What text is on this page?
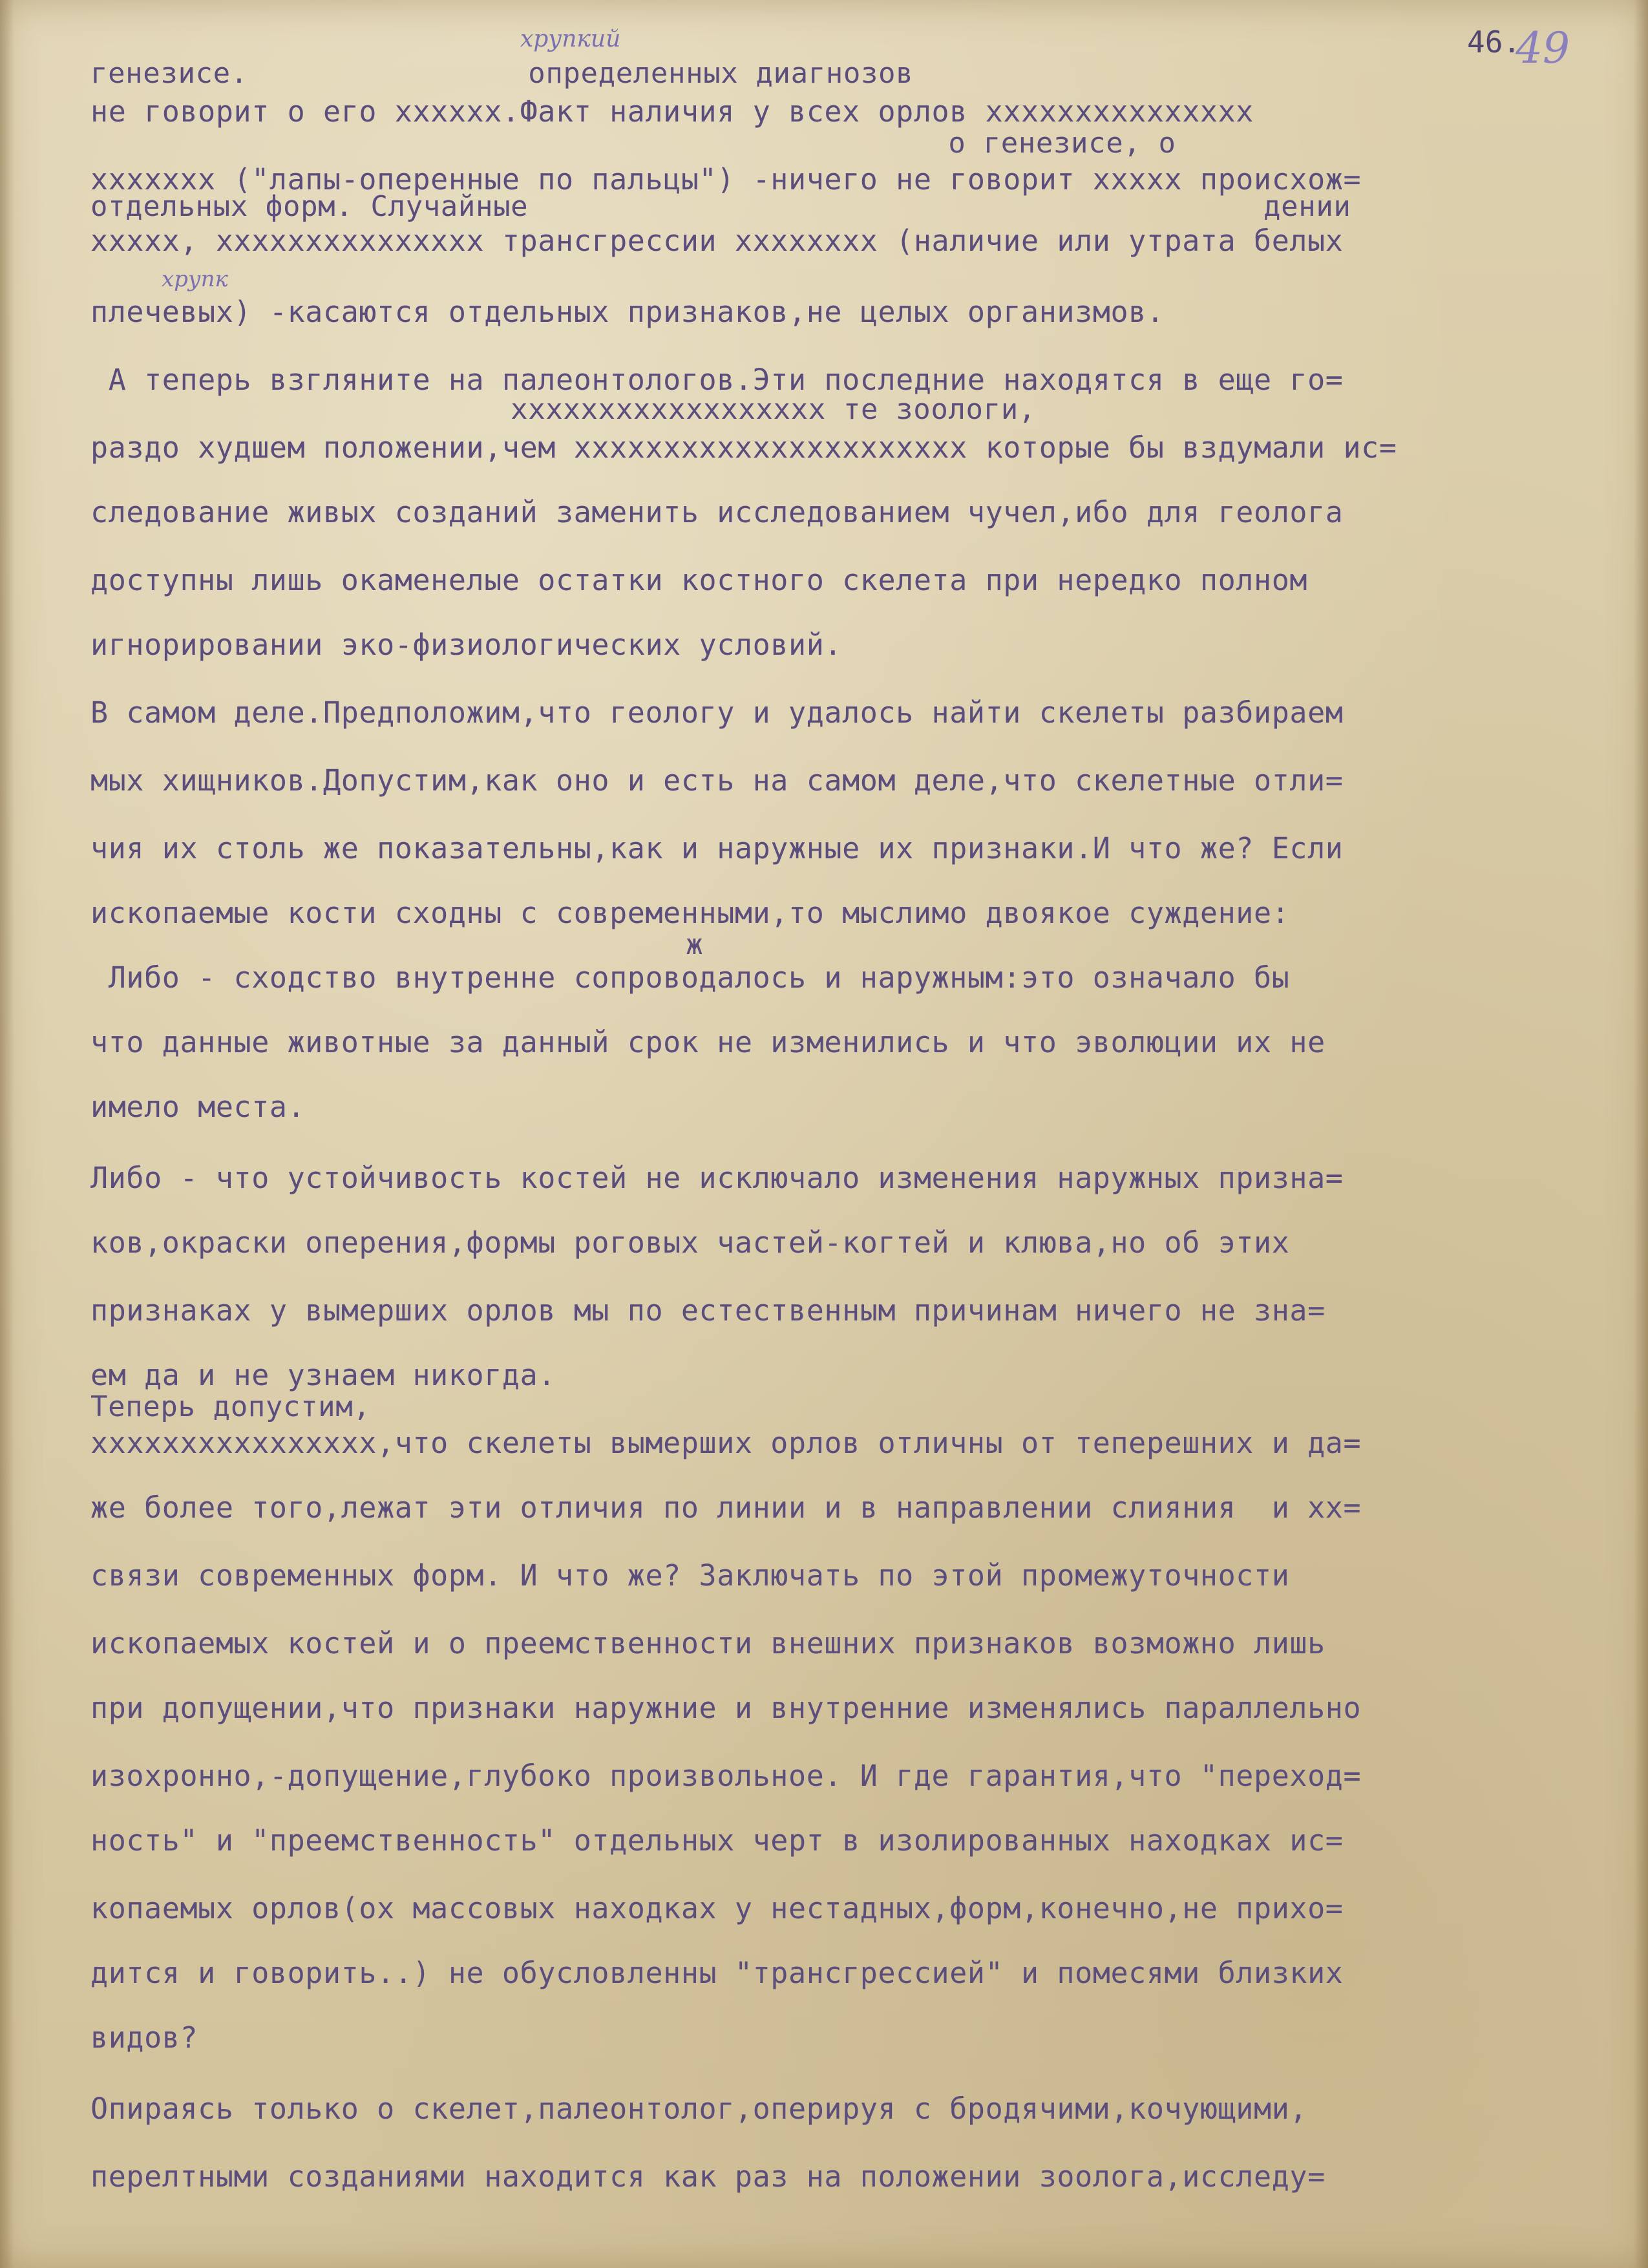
46.
49
хрупкий
хрупк
генезисе.                определенных диагнозов
не говорит о его хххххх.Факт наличия у всех орлов ххххххххххххххх
о генезисе, о
ххххххх ("лапы-оперенные по пальцы") -ничего не говорит ххххх происхож=
отдельных форм. Случайные                                          дении
ххххх, ххххххххххххххх трансгрессии хххххххх (наличие или утрата белых
плечевых) -касаются отдельных признаков,не целых организмов.
А теперь взгляните на палеонтологов.Эти последние находятся в еще го=
хххххххххххххххххх те зоологи,
раздо худшем положении,чем хххххххххххххххххххххх которые бы вздумали ис=
следование живых созданий заменить исследованием чучел,ибо для геолога
доступны лишь окаменелые остатки костного скелета при нередко полном
игнорировании эко-физиологических условий.
В самом деле.Предположим,что геологу и удалось найти скелеты разбираем
мых хищников.Допустим,как оно и есть на самом деле,что скелетные отли=
чия их столь же показательны,как и наружные их признаки.И что же? Если
ископаемые кости сходны с современными,то мыслимо двоякое суждение:
ж
Либо - сходство внутренне сопроводалось и наружным:это означало бы
что данные животные за данный срок не изменились и что эволюции их не
имело места.
Либо - что устойчивость костей не исключало изменения наружных призна=
ков,окраски оперения,формы роговых частей-когтей и клюва,но об этих
признаках у вымерших орлов мы по естественным причинам ничего не зна=
ем да и не узнаем никогда.
Теперь допустим,
хххххххххххххххх,что скелеты вымерших орлов отличны от теперешних и да=
же более того,лежат эти отличия по линии и в направлении слияния  и хх=
связи современных форм. И что же? Заключать по этой промежуточности
ископаемых костей и о преемственности внешних признаков возможно лишь
при допущении,что признаки наружние и внутренние изменялись параллельно
изохронно,-допущение,глубоко произвольное. И где гарантия,что "переход=
ность" и "преемственность" отдельных черт в изолированных находках ис=
копаемых орлов(ох массовых находках у нестадных,форм,конечно,не прихо=
дится и говорить..) не обусловленны "трансгрессией" и помесями близких
видов?
Опираясь только о скелет,палеонтолог,оперируя с бродячими,кочующими,
перелтными созданиями находится как раз на положении зоолога,исследу=
